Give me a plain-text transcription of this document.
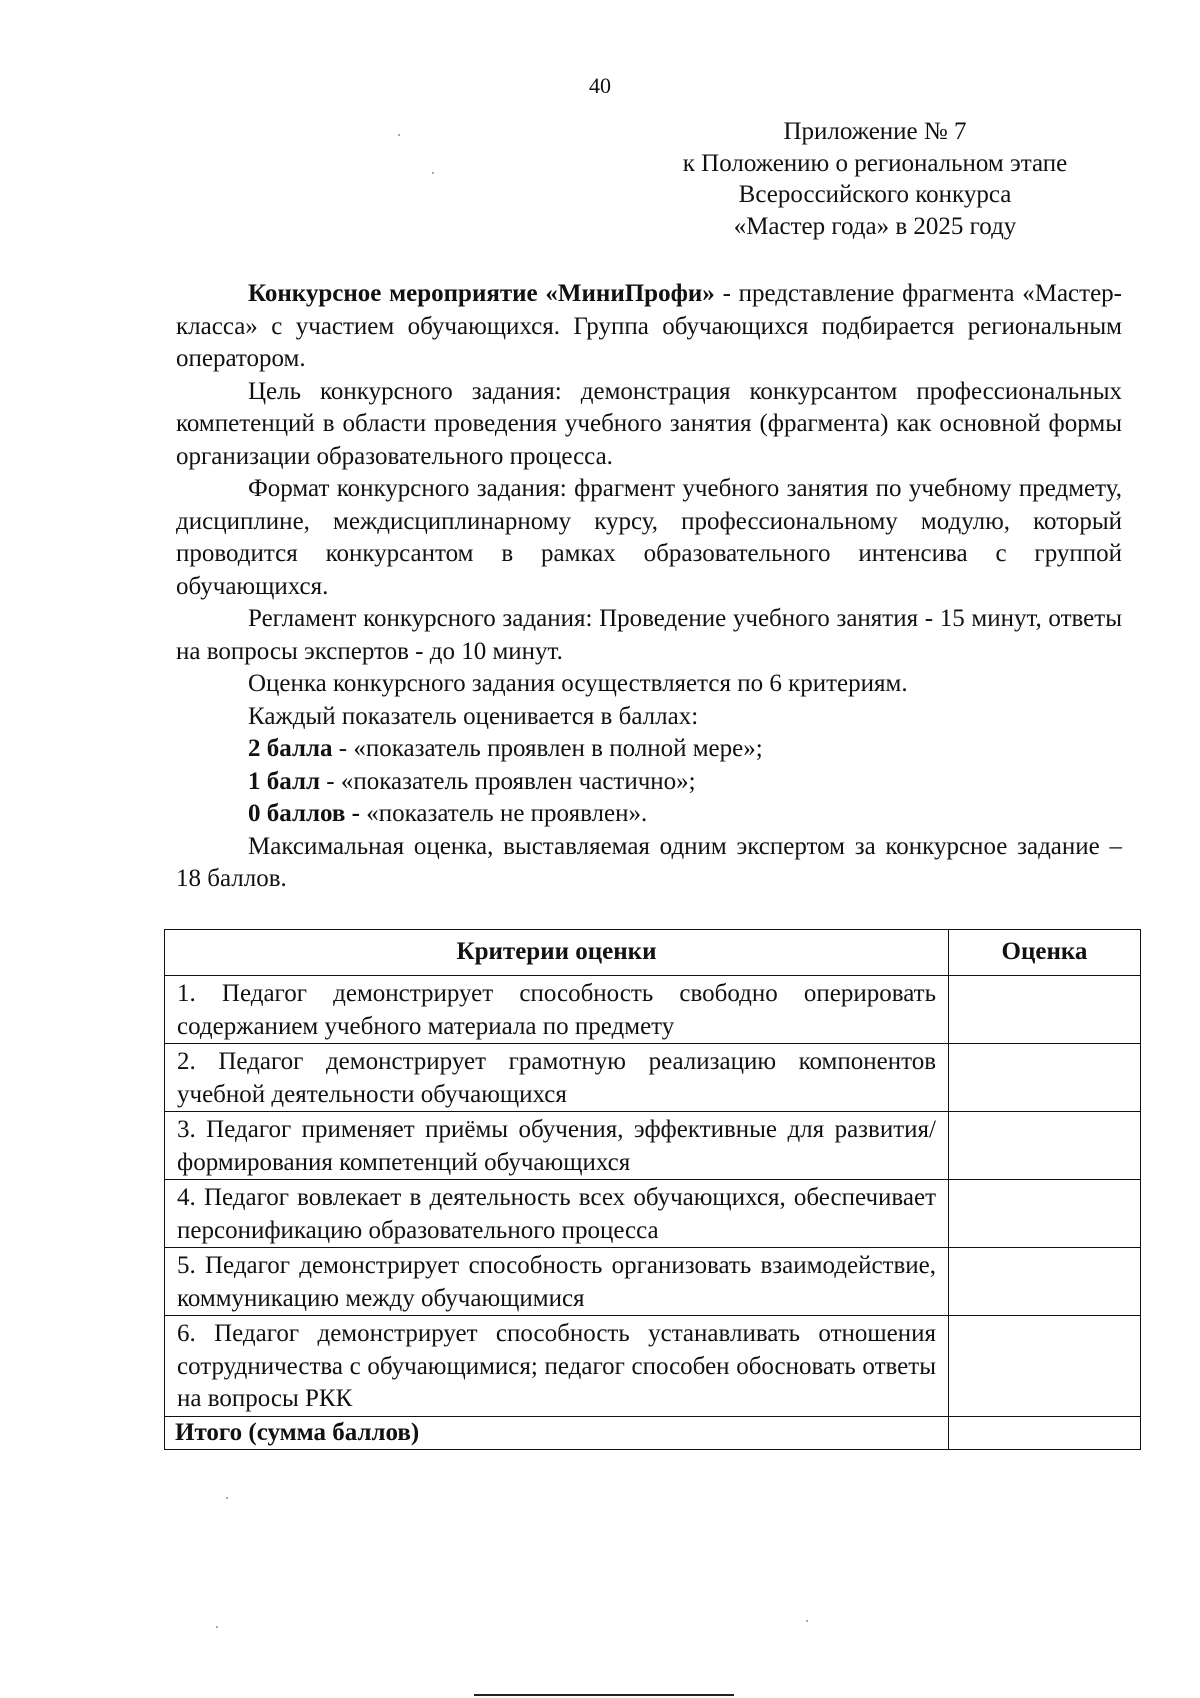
40
Приложение № 7
к Положению о региональном этапе
Всероссийского конкурса
«Мастер года» в 2025 году

Конкурсное мероприятие «МиниПрофи» - представление фрагмента «Мастер-класса» с участием обучающихся. Группа обучающихся подбирается региональным оператором.

Цель конкурсного задания: демонстрация конкурсантом профессиональных компетенций в области проведения учебного занятия (фрагмента) как основной формы организации образовательного процесса.

Формат конкурсного задания: фрагмент учебного занятия по учебному предмету, дисциплине, междисциплинарному курсу, профессиональному модулю, который проводится конкурсантом в рамках образовательного интенсива с группой обучающихся.

Регламент конкурсного задания: Проведение учебного занятия - 15 минут, ответы на вопросы экспертов - до 10 минут.

Оценка конкурсного задания осуществляется по 6 критериям.

Каждый показатель оценивается в баллах:

2 балла - «показатель проявлен в полной мере»;

1 балл - «показатель проявлен частично»;

0 баллов - «показатель не проявлен».

Максимальная оценка, выставляемая одним экспертом за конкурсное задание – 18 баллов.

Критерии оценки	Оценка
1. Педагог демонстрирует способность свободно оперировать содержанием учебного материала по предмету	
2. Педагог демонстрирует грамотную реализацию компонентов учебной деятельности обучающихся	
3. Педагог применяет приёмы обучения, эффективные для развития/формирования компетенций обучающихся	
4. Педагог вовлекает в деятельность всех обучающихся, обеспечивает персонификацию образовательного процесса	
5. Педагог демонстрирует способность организовать взаимодействие, коммуникацию между обучающимися	
6. Педагог демонстрирует способность устанавливать отношения сотрудничества с обучающимися; педагог способен обосновать ответы на вопросы РКК	
Итого (сумма баллов)	
